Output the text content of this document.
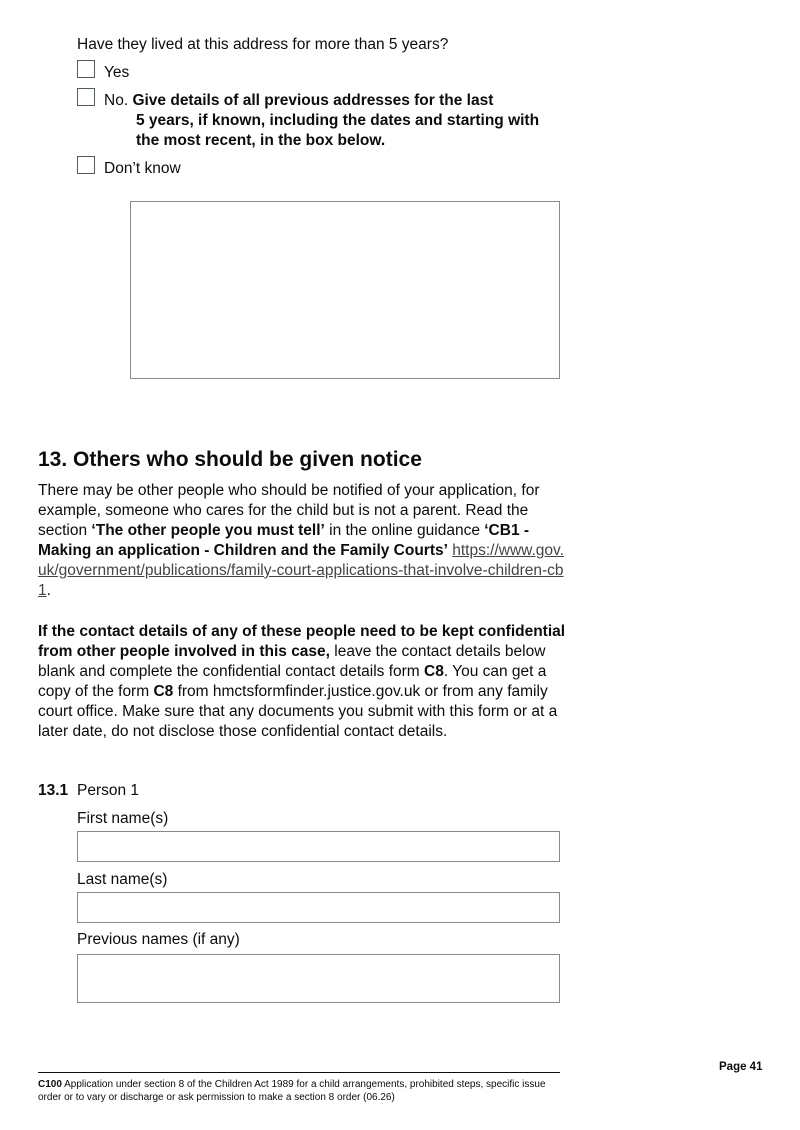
Have they lived at this address for more than 5 years?
Yes
No. Give details of all previous addresses for the last
5 years, if known, including the dates and starting with
the most recent, in the box below.
Don’t know
13. Others who should be given notice

There may be other people who should be notified of your application, for example, someone who cares for the child but is not a parent. Read the section ‘The other people you must tell’ in the online guidance ‘CB1 - Making an application - Children and the Family Courts’ https://www.gov.uk/government/publications/family-court-applications-that-involve-children-cb1.

If the contact details of any of these people need to be kept confidential from other people involved in this case, leave the contact details below blank and complete the confidential contact details form C8. You can get a copy of the form C8 from hmctsformfinder.justice.gov.uk or from any family court office. Make sure that any documents you submit with this form or at a later date, do not disclose those confidential contact details.

13.1 Person 1
First name(s)
Last name(s)
Previous names (if any)
Page 41
C100 Application under section 8 of the Children Act 1989 for a child arrangements, prohibited steps, specific issue order or to vary or discharge or ask permission to make a section 8 order (06.26)
